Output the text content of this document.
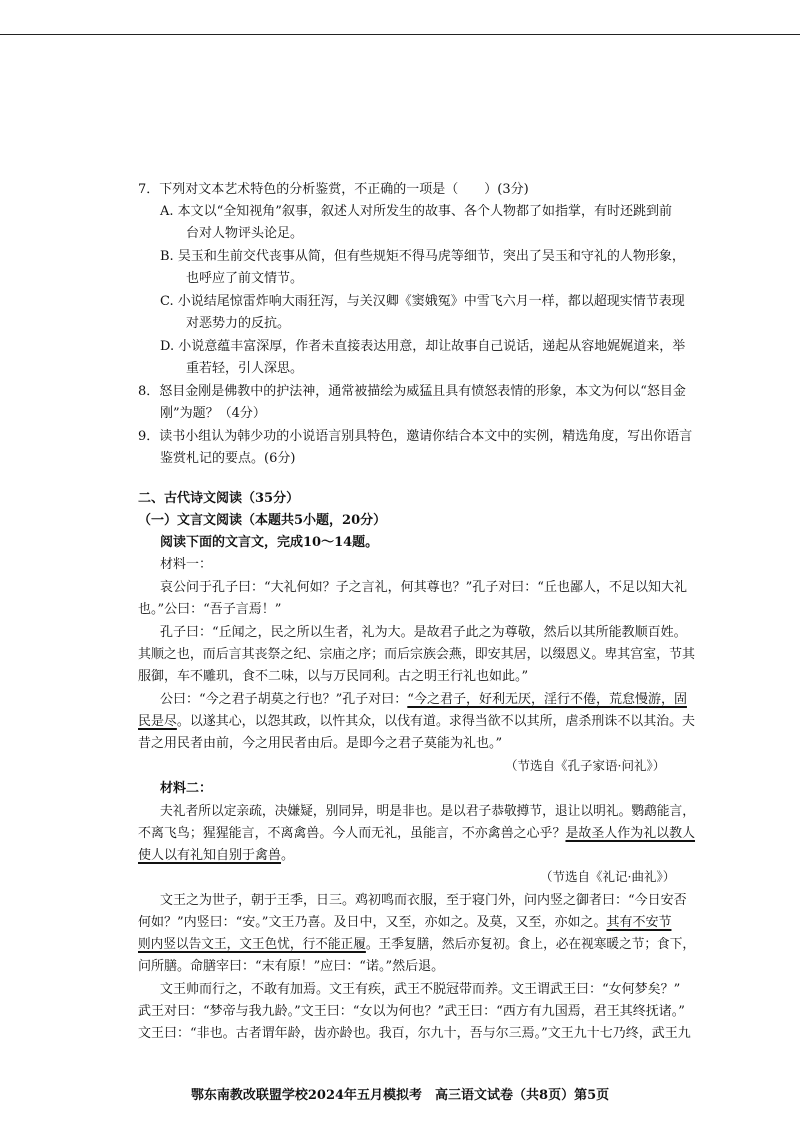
7．下列对文本艺术特色的分析鉴赏，不正确的一项是（　　）(3分)
A. 本文以“全知视角”叙事，叙述人对所发生的故事、各个人物都了如指掌，有时还跳到前
台对人物评头论足。
B. 吴玉和生前交代丧事从简，但有些规矩不得马虎等细节，突出了吴玉和守礼的人物形象，
也呼应了前文情节。
C. 小说结尾惊雷炸响大雨狂泻，与关汉卿《窦娥冤》中雪飞六月一样，都以超现实情节表现
对恶势力的反抗。
D. 小说意蕴丰富深厚，作者未直接表达用意，却让故事自己说话，递起从容地娓娓道来，举
重若轻，引人深思。
8．怒目金刚是佛教中的护法神，通常被描绘为威猛且具有愤怒表情的形象，本文为何以“怒目金
刚”为题？（4分）
9．读书小组认为韩少功的小说语言别具特色，邀请你结合本文中的实例，精选角度，写出你语言
鉴赏札记的要点。(6分)
二、古代诗文阅读（35分）
（一）文言文阅读（本题共5小题，20分）
阅读下面的文言文，完成10～14题。
材料一：
哀公问于孔子曰：“大礼何如？子之言礼，何其尊也？”孔子对曰：“丘也鄙人，不足以知大礼
也。”公曰：“吾子言焉！”
孔子曰：“丘闻之，民之所以生者，礼为大。是故君子此之为尊敬，然后以其所能教顺百姓。
其顺之也，而后言其丧祭之纪、宗庙之序；而后宗族会燕，即安其居，以缀恩义。卑其宫室，节其
服御，车不雕玑，食不二味，以与万民同利。古之明王行礼也如此。”
公曰：“今之君子胡莫之行也？”孔子对曰：“今之君子，好利无厌，淫行不倦，荒怠慢游，固
民是尽。以遂其心，以怨其政，以忤其众，以伐有道。求得当欲不以其所，虐杀刑诛不以其治。夫
昔之用民者由前，今之用民者由后。是即今之君子莫能为礼也。”
（节选自《孔子家语·问礼》）
材料二：
夫礼者所以定亲疏，决嫌疑，别同异，明是非也。是以君子恭敬撙节，退让以明礼。鹦鹉能言，
不离飞鸟；猩猩能言，不离禽兽。今人而无礼，虽能言，不亦禽兽之心乎？是故圣人作为礼以教人
使人以有礼知自别于禽兽。
（节选自《礼记·曲礼》）
文王之为世子，朝于王季，日三。鸡初鸣而衣服，至于寝门外，问内竖之御者曰：“今日安否
何如？”内竖曰：“安。”文王乃喜。及日中，又至，亦如之。及莫，又至，亦如之。其有不安节
则内竖以告文王，文王色忧，行不能正履。王季复膳，然后亦复初。食上，必在视寒暖之节；食下，
问所膳。命膳宰曰：“末有原！”应曰：“诺。”然后退。
文王帅而行之，不敢有加焉。文王有疾，武王不脱冠带而养。文王谓武王曰：“女何梦矣？”
武王对曰：“梦帝与我九龄。”文王曰：“女以为何也？”武王曰：“西方有九国焉，君王其终抚诸。”
文王曰：“非也。古者谓年龄，齿亦龄也。我百，尔九十，吾与尔三焉。”文王九十七乃终，武王九
鄂东南教改联盟学校2024年五月模拟考　高三语文试卷（共8页）第5页
